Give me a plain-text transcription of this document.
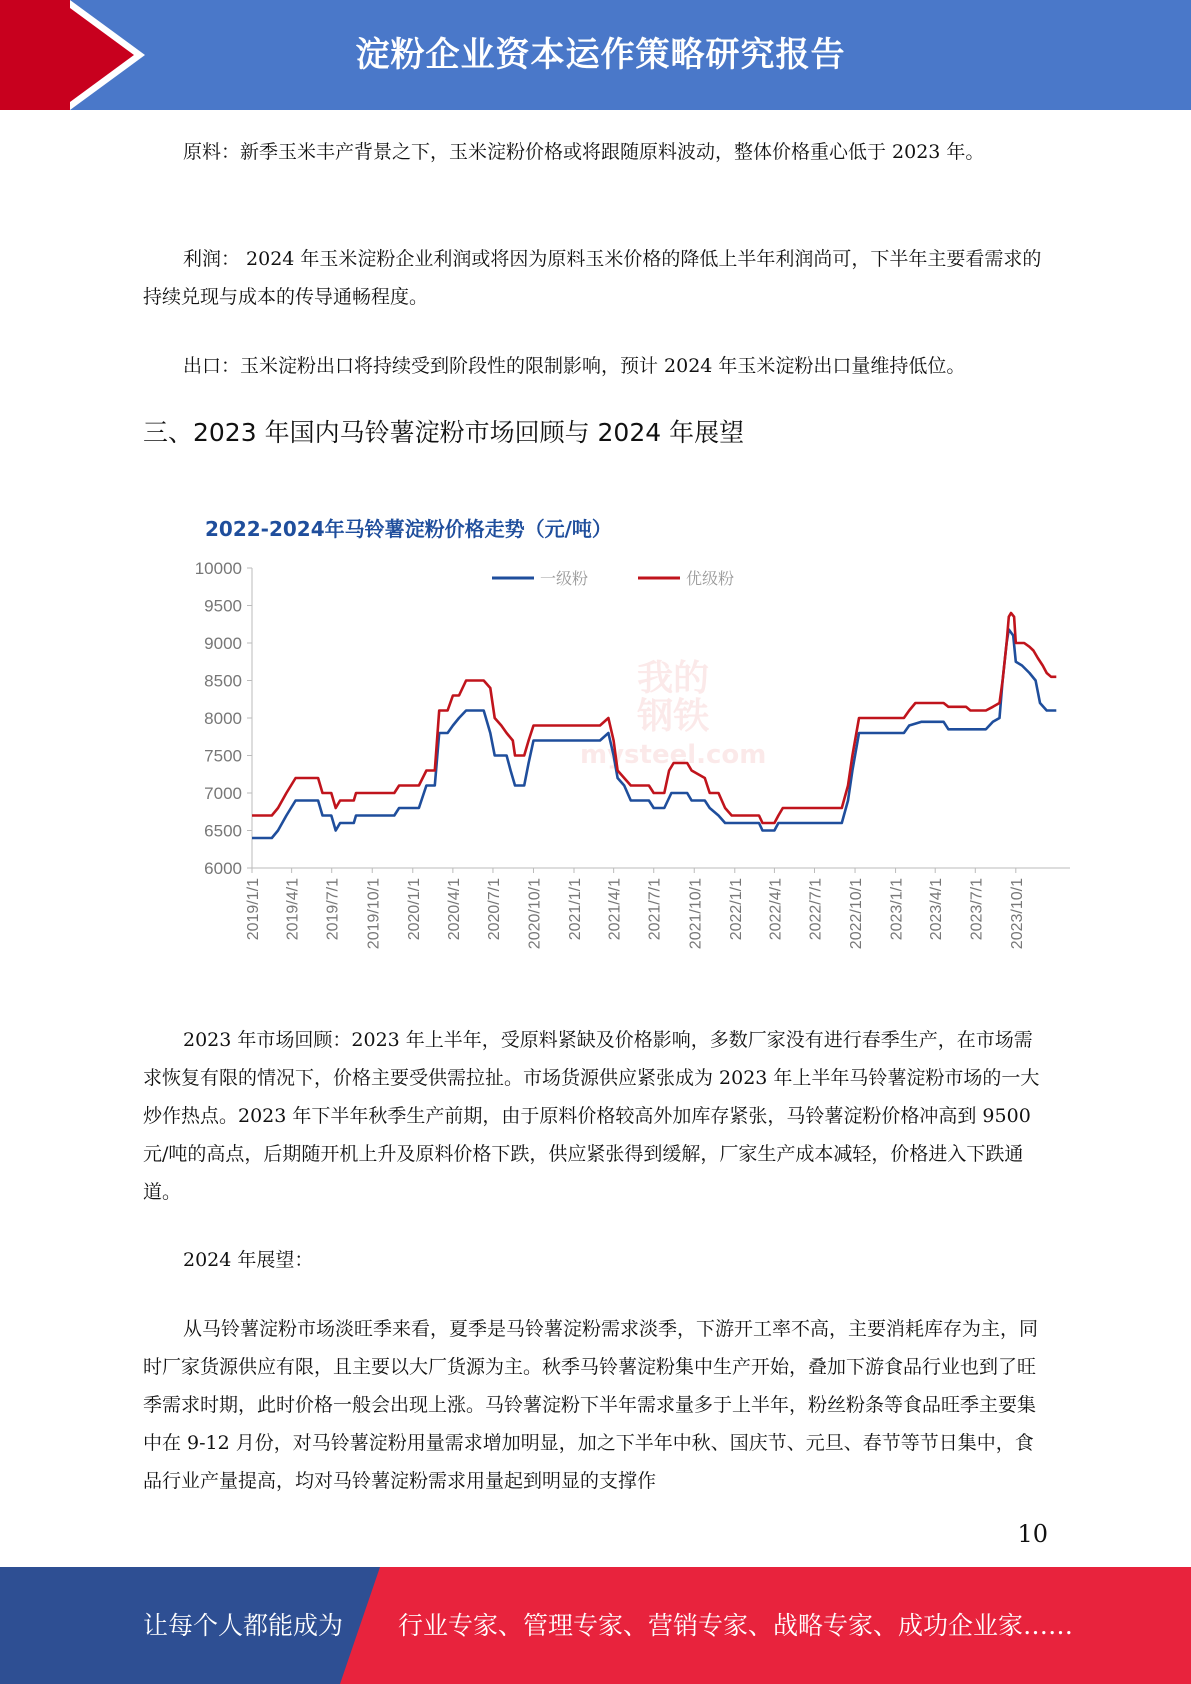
淀粉企业资本运作策略研究报告

原料：新季玉米丰产背景之下，玉米淀粉价格或将跟随原料波动，整体价格重心低于 2023 年。

利润： 2024 年玉米淀粉企业利润或将因为原料玉米价格的降低上半年利润尚可，下半年主要看需求的持续兑现与成本的传导通畅程度。

出口：玉米淀粉出口将持续受到阶段性的限制影响，预计 2024 年玉米淀粉出口量维持低位。

三、2023 年国内马铃薯淀粉市场回顾与 2024 年展望
2022-2024年马铃薯淀粉价格走势（元/吨）
我的
钢铁
mysteel.com
6000
6500
7000
7500
8000
8500
9000
9500
10000
2019/1/1 2019/4/1 2019/7/1 2019/10/1 2020/1/1 2020/4/1 2020/7/1 2020/10/1 2021/1/1 2021/4/1 2021/7/1 2021/10/1 2022/1/1 2022/4/1 2022/7/1 2022/10/1 2023/1/1 2023/4/1 2023/7/1 2023/10/1
一级粉	优级粉

2023 年市场回顾：2023 年上半年，受原料紧缺及价格影响，多数厂家没有进行春季生产，在市场需求恢复有限的情况下，价格主要受供需拉扯。市场货源供应紧张成为 2023 年上半年马铃薯淀粉市场的一大炒作热点。2023 年下半年秋季生产前期，由于原料价格较高外加库存紧张，马铃薯淀粉价格冲高到 9500 元/吨的高点，后期随开机上升及原料价格下跌，供应紧张得到缓解，厂家生产成本减轻，价格进入下跌通道。

2024 年展望：

从马铃薯淀粉市场淡旺季来看，夏季是马铃薯淀粉需求淡季，下游开工率不高，主要消耗库存为主，同时厂家货源供应有限，且主要以大厂货源为主。秋季马铃薯淀粉集中生产开始，叠加下游食品行业也到了旺季需求时期，此时价格一般会出现上涨。马铃薯淀粉下半年需求量多于上半年，粉丝粉条等食品旺季主要集中在 9-12 月份，对马铃薯淀粉用量需求增加明显，加之下半年中秋、国庆节、元旦、春节等节日集中，食品行业产量提高，均对马铃薯淀粉需求用量起到明显的支撑作

10
让每个人都能成为 行业专家、管理专家、营销专家、战略专家、成功企业家……
